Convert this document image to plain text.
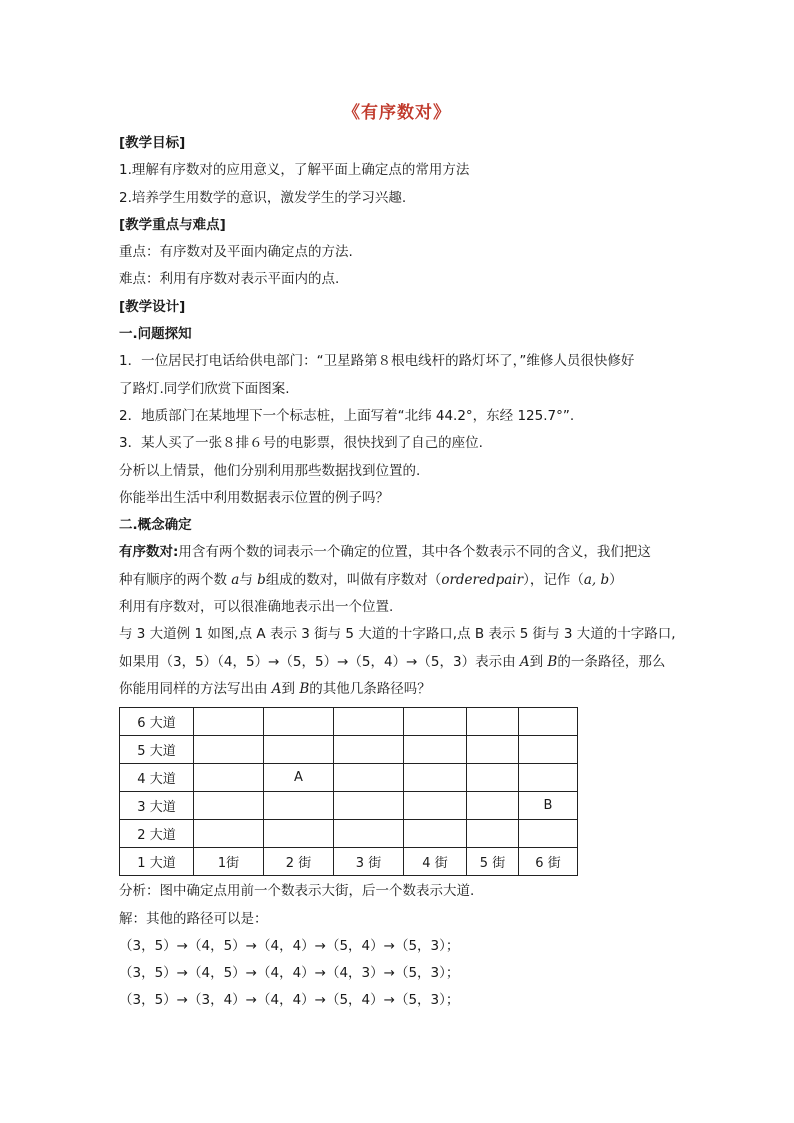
《有序数对》
[教学目标]
1.理解有序数对的应用意义，了解平面上确定点的常用方法
2.培养学生用数学的意识，激发学生的学习兴趣.
[教学重点与难点]
重点：有序数对及平面内确定点的方法.
难点：利用有序数对表示平面内的点.
[教学设计]
一.问题探知
1．一位居民打电话给供电部门：“卫星路第８根电线杆的路灯坏了，”维修人员很快修好
了路灯.同学们欣赏下面图案.
2．地质部门在某地埋下一个标志桩，上面写着“北纬 44.2°，东经 125.7°”.
3．某人买了一张８排６号的电影票，很快找到了自己的座位.
分析以上情景，他们分别利用那些数据找到位置的.
你能举出生活中利用数据表示位置的例子吗？
二.概念确定
有序数对:用含有两个数的词表示一个确定的位置，其中各个数表示不同的含义，我们把这
种有顺序的两个数 a与 b组成的数对，叫做有序数对（orderedpair），记作（a, b）
利用有序数对，可以很准确地表示出一个位置.
与 3 大道例 1 如图,点 A 表示 3 街与 5 大道的十字路口,点 B 表示 5 街与 3 大道的十字路口,
如果用（3，5）（4，5）→（5，5）→（5，4）→（5，3）表示由 A到 B的一条路径，那么
你能用同样的方法写出由 A到 B的其他几条路径吗？
6 大道						
5 大道						
4 大道		A				
3 大道						B
2 大道						
1 大道	1街	2 街	3 街	4 街	5 街	6 街
分析：图中确定点用前一个数表示大街，后一个数表示大道.
解：其他的路径可以是：
（3，5）→（4，5）→（4，4）→（5，4）→（5，3）；
（3，5）→（4，5）→（4，4）→（4，3）→（5，3）；
（3，5）→（3，4）→（4，4）→（5，4）→（5，3）；
